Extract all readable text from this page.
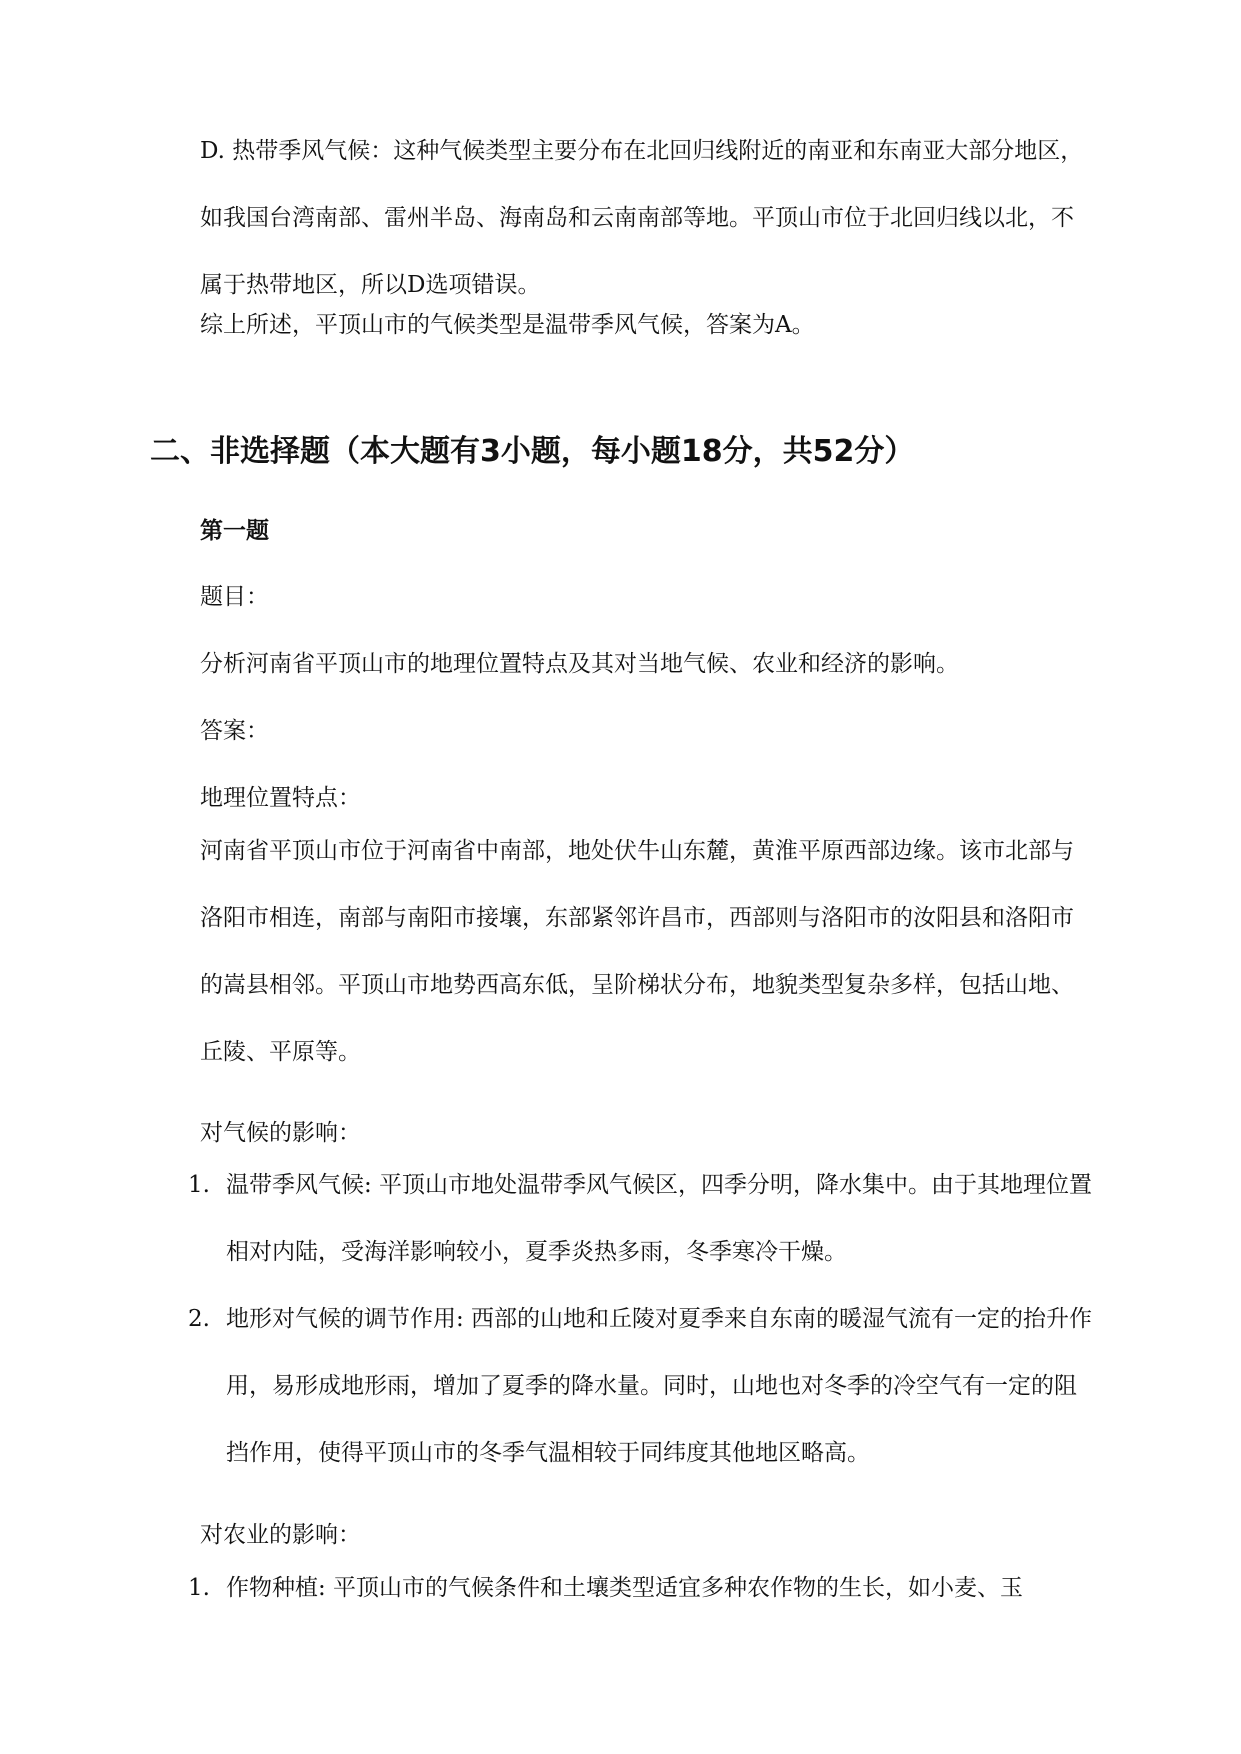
D. 热带季风气候：这种气候类型主要分布在北回归线附近的南亚和东南亚大部分地区，如我国台湾南部、雷州半岛、海南岛和云南南部等地。平顶山市位于北回归线以北，不属于热带地区，所以D选项错误。

综上所述，平顶山市的气候类型是温带季风气候，答案为A。

二、非选择题（本大题有3小题，每小题18分，共52分）

第一题

题目：

分析河南省平顶山市的地理位置特点及其对当地气候、农业和经济的影响。

答案：

地理位置特点：

河南省平顶山市位于河南省中南部，地处伏牛山东麓，黄淮平原西部边缘。该市北部与洛阳市相连，南部与南阳市接壤，东部紧邻许昌市，西部则与洛阳市的汝阳县和洛阳市的嵩县相邻。平顶山市地势西高东低，呈阶梯状分布，地貌类型复杂多样，包括山地、丘陵、平原等。

对气候的影响：

1. 温带季风气候: 平顶山市地处温带季风气候区，四季分明，降水集中。由于其地理位置相对内陆，受海洋影响较小，夏季炎热多雨，冬季寒冷干燥。
2. 地形对气候的调节作用: 西部的山地和丘陵对夏季来自东南的暖湿气流有一定的抬升作用，易形成地形雨，增加了夏季的降水量。同时，山地也对冬季的冷空气有一定的阻挡作用，使得平顶山市的冬季气温相较于同纬度其他地区略高。

对农业的影响：

1. 作物种植: 平顶山市的气候条件和土壤类型适宜多种农作物的生长，如小麦、玉
